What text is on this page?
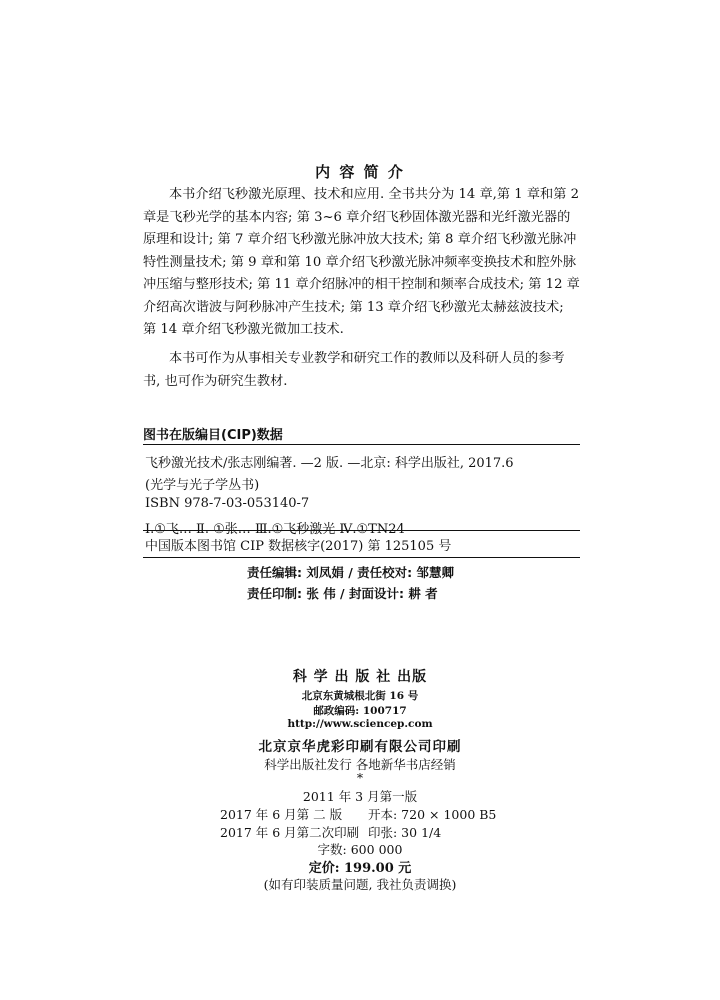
内 容 简 介

本书介绍飞秒激光原理、技术和应用. 全书共分为 14 章,第 1 章和第 2
章是飞秒光学的基本内容; 第 3~6 章介绍飞秒固体激光器和光纤激光器的
原理和设计; 第 7 章介绍飞秒激光脉冲放大技术; 第 8 章介绍飞秒激光脉冲
特性测量技术; 第 9 章和第 10 章介绍飞秒激光脉冲频率变换技术和腔外脉
冲压缩与整形技术; 第 11 章介绍脉冲的相干控制和频率合成技术; 第 12 章
介绍高次谐波与阿秒脉冲产生技术; 第 13 章介绍飞秒激光太赫兹波技术;
第 14 章介绍飞秒激光微加工技术.

本书可作为从事相关专业教学和研究工作的教师以及科研人员的参考
书, 也可作为研究生教材.

图书在版编目(CIP)数据
飞秒激光技术/张志刚编著. —2 版. —北京: 科学出版社, 2017.6
(光学与光子学丛书)
ISBN 978-7-03-053140-7
Ⅰ.①飞… Ⅱ. ①张… Ⅲ.①飞秒激光 Ⅳ.①TN24
中国版本图书馆 CIP 数据核字(2017) 第 125105 号
责任编辑: 刘凤娟 / 责任校对: 邹慧卿
责任印制: 张 伟 / 封面设计: 耕 者
科 学 出 版 社 出版
北京东黄城根北街 16 号
邮政编码: 100717
http://www.sciencep.com
北京京华虎彩印刷有限公司印刷
科学出版社发行 各地新华书店经销
*
2011 年 3 月第一版
2017 年 6 月第 二 版 开本: 720 × 1000 B5
2017 年 6 月第二次印刷 印张: 30 1/4
字数: 600 000
定价: 199.00 元
(如有印装质量问题, 我社负责调换)
